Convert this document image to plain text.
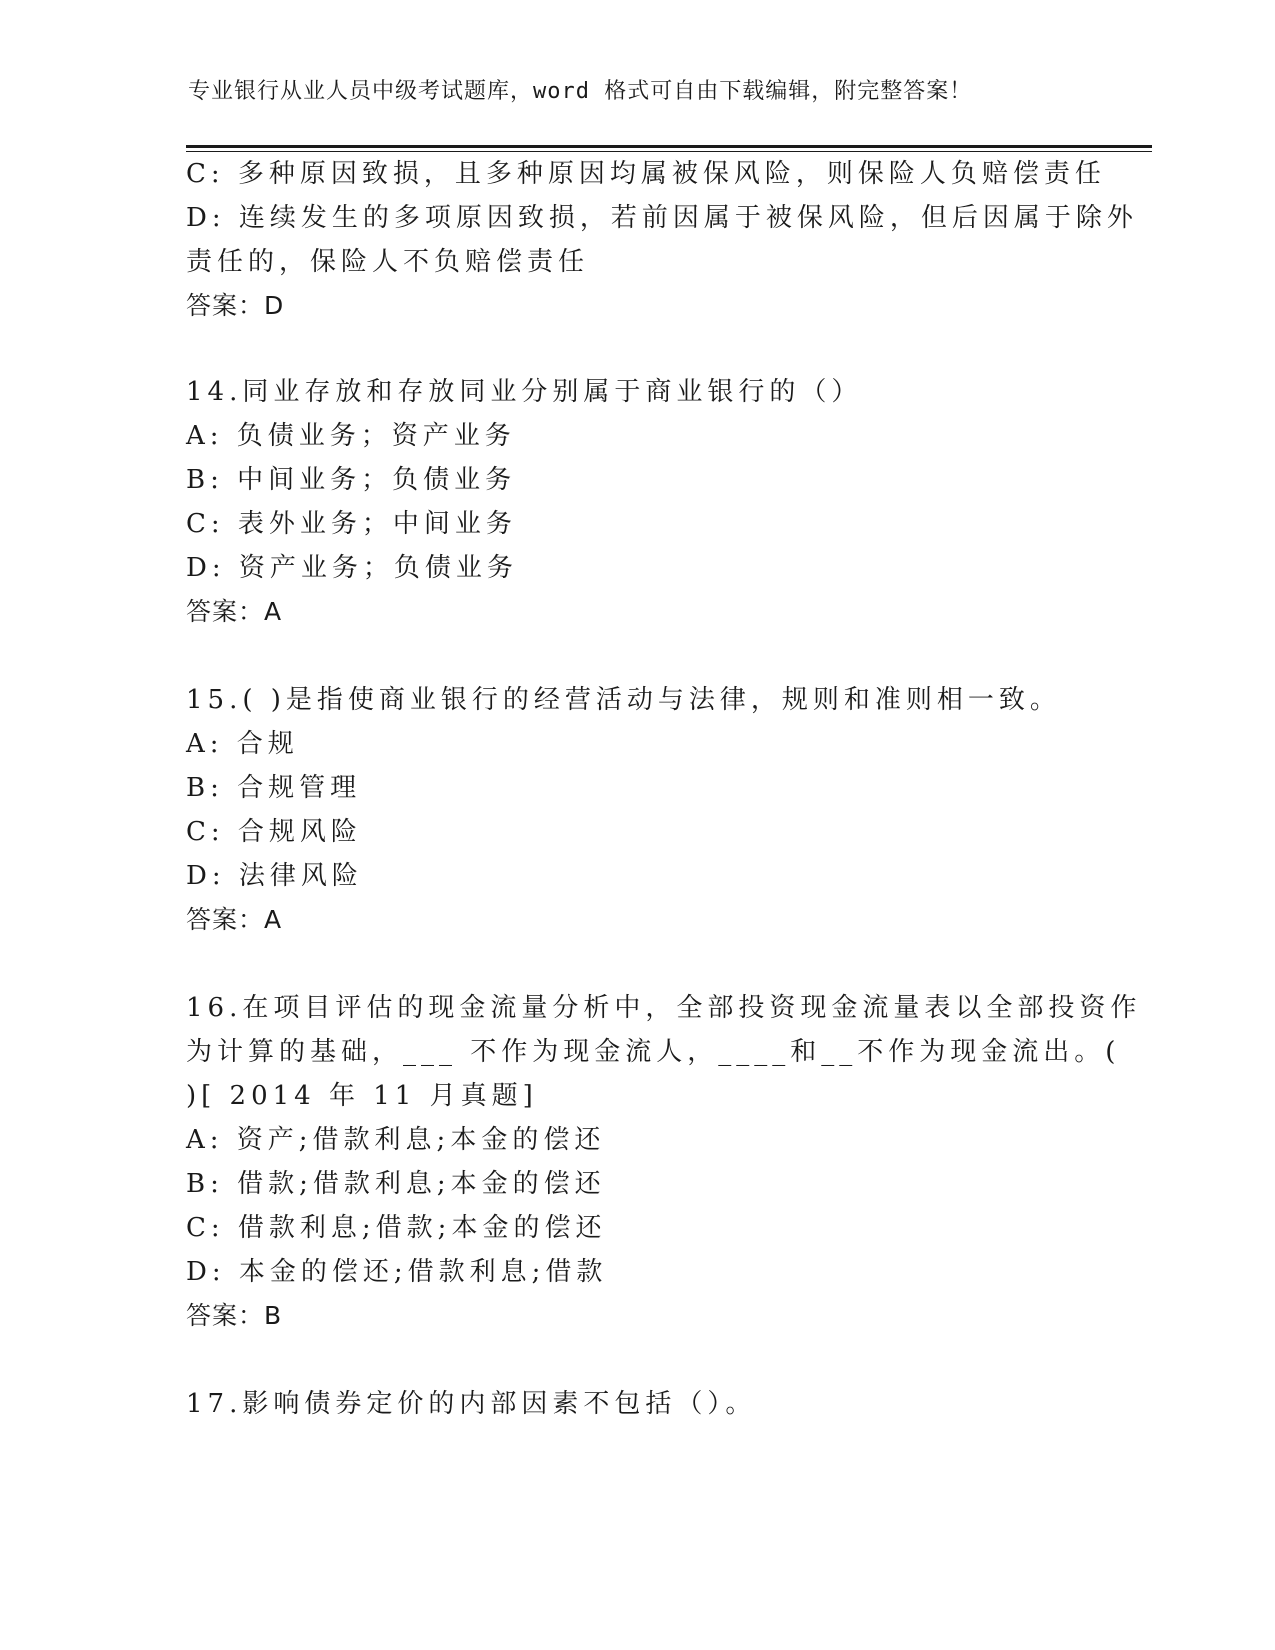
专业银行从业人员中级考试题库，word 格式可自由下载编辑，附完整答案！
C: 多种原因致损，且多种原因均属被保风险，则保险人负赔偿责任
D: 连续发生的多项原因致损，若前因属于被保风险，但后因属于除外
责任的，保险人不负赔偿责任
答案：D
14.同业存放和存放同业分别属于商业银行的（）
A: 负债业务；资产业务
B: 中间业务；负债业务
C: 表外业务；中间业务
D: 资产业务；负债业务
答案：A
15.( )是指使商业银行的经营活动与法律，规则和准则相一致。
A: 合规
B: 合规管理
C: 合规风险
D: 法律风险
答案：A
16.在项目评估的现金流量分析中，全部投资现金流量表以全部投资作
为计算的基础，___ 不作为现金流人，____和__不作为现金流出。(
)[ 2014 年 11 月真题]
A: 资产;借款利息;本金的偿还
B: 借款;借款利息;本金的偿还
C: 借款利息;借款;本金的偿还
D: 本金的偿还;借款利息;借款
答案：B
17.影响债券定价的内部因素不包括（）。
